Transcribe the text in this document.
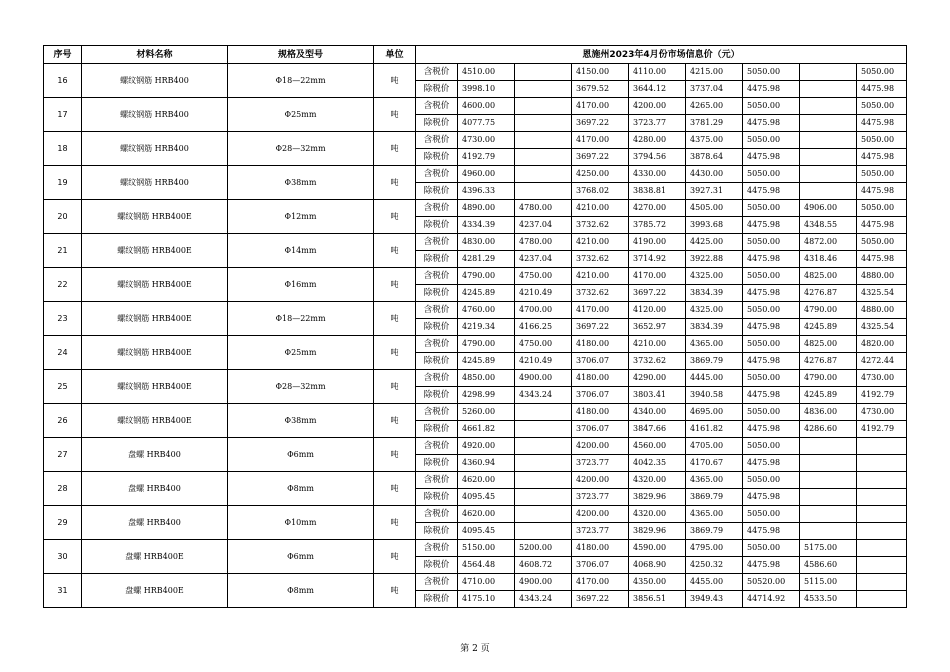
序号	材料名称	规格及型号	单位	恩施州2023年4月份市场信息价（元）								
16	螺纹钢筋 HRB400	Φ18—22mm	吨	含税价	4510.00		4150.00	4110.00	4215.00	5050.00		5050.00
				除税价	3998.10		3679.52	3644.12	3737.04	4475.98		4475.98
17	螺纹钢筋 HRB400	Φ25mm	吨	含税价	4600.00		4170.00	4200.00	4265.00	5050.00		5050.00
				除税价	4077.75		3697.22	3723.77	3781.29	4475.98		4475.98
18	螺纹钢筋 HRB400	Φ28—32mm	吨	含税价	4730.00		4170.00	4280.00	4375.00	5050.00		5050.00
				除税价	4192.79		3697.22	3794.56	3878.64	4475.98		4475.98
19	螺纹钢筋 HRB400	Φ38mm	吨	含税价	4960.00		4250.00	4330.00	4430.00	5050.00		5050.00
				除税价	4396.33		3768.02	3838.81	3927.31	4475.98		4475.98
20	螺纹钢筋 HRB400E	Φ12mm	吨	含税价	4890.00	4780.00	4210.00	4270.00	4505.00	5050.00	4906.00	5050.00
				除税价	4334.39	4237.04	3732.62	3785.72	3993.68	4475.98	4348.55	4475.98
21	螺纹钢筋 HRB400E	Φ14mm	吨	含税价	4830.00	4780.00	4210.00	4190.00	4425.00	5050.00	4872.00	5050.00
				除税价	4281.29	4237.04	3732.62	3714.92	3922.88	4475.98	4318.46	4475.98
22	螺纹钢筋 HRB400E	Φ16mm	吨	含税价	4790.00	4750.00	4210.00	4170.00	4325.00	5050.00	4825.00	4880.00
				除税价	4245.89	4210.49	3732.62	3697.22	3834.39	4475.98	4276.87	4325.54
23	螺纹钢筋 HRB400E	Φ18—22mm	吨	含税价	4760.00	4700.00	4170.00	4120.00	4325.00	5050.00	4790.00	4880.00
				除税价	4219.34	4166.25	3697.22	3652.97	3834.39	4475.98	4245.89	4325.54
24	螺纹钢筋 HRB400E	Φ25mm	吨	含税价	4790.00	4750.00	4180.00	4210.00	4365.00	5050.00	4825.00	4820.00
				除税价	4245.89	4210.49	3706.07	3732.62	3869.79	4475.98	4276.87	4272.44
25	螺纹钢筋 HRB400E	Φ28—32mm	吨	含税价	4850.00	4900.00	4180.00	4290.00	4445.00	5050.00	4790.00	4730.00
				除税价	4298.99	4343.24	3706.07	3803.41	3940.58	4475.98	4245.89	4192.79
26	螺纹钢筋 HRB400E	Φ38mm	吨	含税价	5260.00		4180.00	4340.00	4695.00	5050.00	4836.00	4730.00
				除税价	4661.82		3706.07	3847.66	4161.82	4475.98	4286.60	4192.79
27	盘螺 HRB400	Φ6mm	吨	含税价	4920.00		4200.00	4560.00	4705.00	5050.00		
				除税价	4360.94		3723.77	4042.35	4170.67	4475.98		
28	盘螺 HRB400	Φ8mm	吨	含税价	4620.00		4200.00	4320.00	4365.00	5050.00		
				除税价	4095.45		3723.77	3829.96	3869.79	4475.98		
29	盘螺 HRB400	Φ10mm	吨	含税价	4620.00		4200.00	4320.00	4365.00	5050.00		
				除税价	4095.45		3723.77	3829.96	3869.79	4475.98		
30	盘螺 HRB400E	Φ6mm	吨	含税价	5150.00	5200.00	4180.00	4590.00	4795.00	5050.00	5175.00	
				除税价	4564.48	4608.72	3706.07	4068.90	4250.32	4475.98	4586.60	
31	盘螺 HRB400E	Φ8mm	吨	含税价	4710.00	4900.00	4170.00	4350.00	4455.00	50520.00	5115.00	
				除税价	4175.10	4343.24	3697.22	3856.51	3949.43	44714.92	4533.50	
第 2 页
